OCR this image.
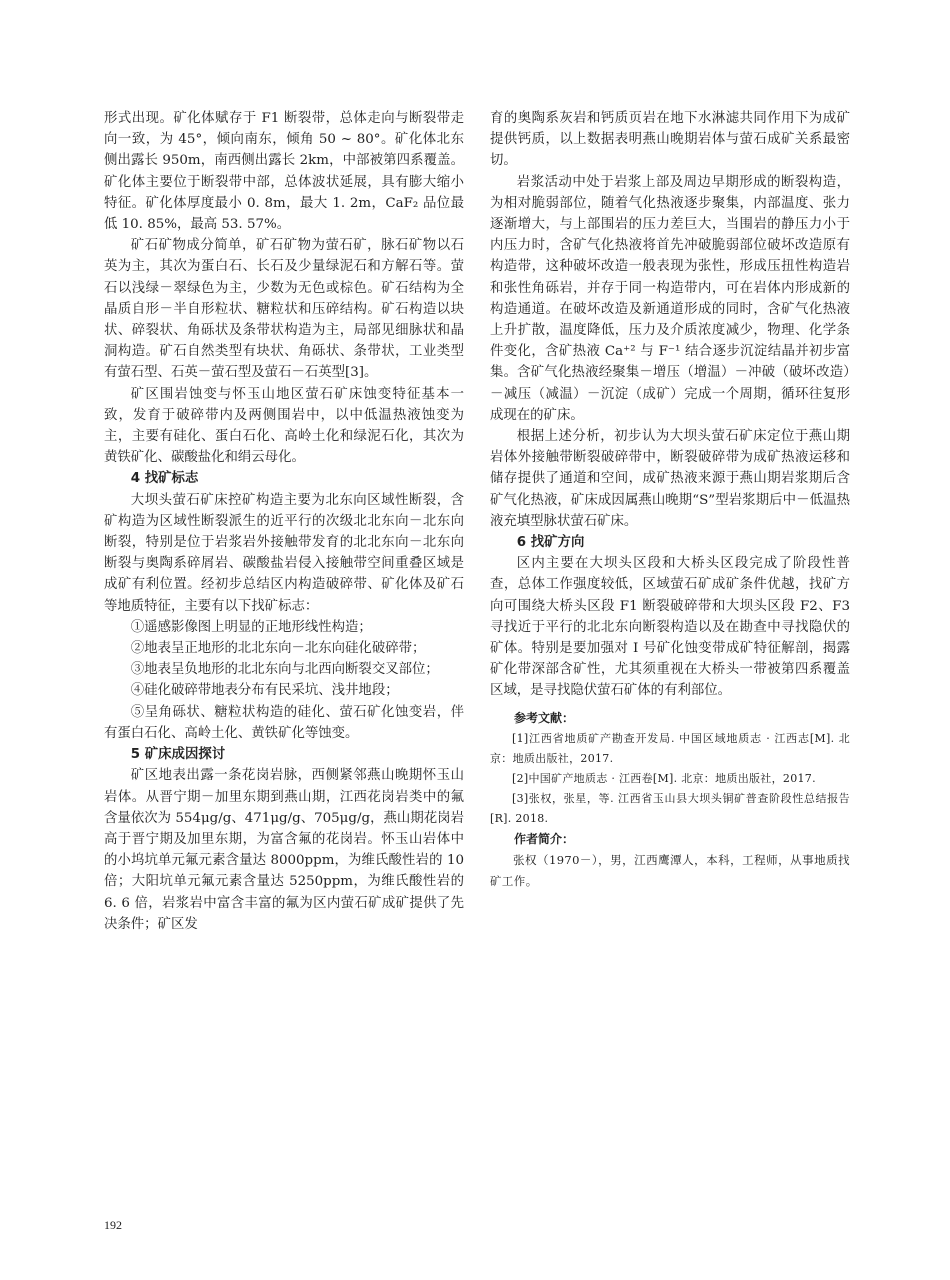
形式出现。矿化体赋存于 F1 断裂带，总体走向与断裂带走向一致，为 45°，倾向南东，倾角 50 ~ 80°。矿化体北东侧出露长 950m，南西侧出露长 2km，中部被第四系覆盖。矿化体主要位于断裂带中部，总体波状延展，具有膨大缩小特征。矿化体厚度最小 0. 8m，最大 1. 2m，CaF₂ 品位最低 10. 85%，最高 53. 57%。

矿石矿物成分简单，矿石矿物为萤石矿，脉石矿物以石英为主，其次为蛋白石、长石及少量绿泥石和方解石等。萤石以浅绿－翠绿色为主，少数为无色或棕色。矿石结构为全晶质自形－半自形粒状、糖粒状和压碎结构。矿石构造以块状、碎裂状、角砾状及条带状构造为主，局部见细脉状和晶洞构造。矿石自然类型有块状、角砾状、条带状，工业类型有萤石型、石英－萤石型及萤石－石英型[3]。

矿区围岩蚀变与怀玉山地区萤石矿床蚀变特征基本一致，发育于破碎带内及两侧围岩中，以中低温热液蚀变为主，主要有硅化、蛋白石化、高岭土化和绿泥石化，其次为黄铁矿化、碳酸盐化和绢云母化。

4 找矿标志

大坝头萤石矿床控矿构造主要为北东向区域性断裂，含矿构造为区域性断裂派生的近平行的次级北北东向－北东向断裂，特别是位于岩浆岩外接触带发育的北北东向－北东向断裂与奥陶系碎屑岩、碳酸盐岩侵入接触带空间重叠区域是成矿有利位置。经初步总结区内构造破碎带、矿化体及矿石等地质特征，主要有以下找矿标志：

①遥感影像图上明显的正地形线性构造；

②地表呈正地形的北北东向－北东向硅化破碎带；

③地表呈负地形的北北东向与北西向断裂交叉部位；

④硅化破碎带地表分布有民采坑、浅井地段；

⑤呈角砾状、糖粒状构造的硅化、萤石矿化蚀变岩，伴有蛋白石化、高岭土化、黄铁矿化等蚀变。

5 矿床成因探讨

矿区地表出露一条花岗岩脉，西侧紧邻燕山晚期怀玉山岩体。从晋宁期－加里东期到燕山期，江西花岗岩类中的氟含量依次为 554μg/g、471μg/g、705μg/g，燕山期花岗岩高于晋宁期及加里东期，为富含氟的花岗岩。怀玉山岩体中的小坞坑单元氟元素含量达 8000ppm，为维氏酸性岩的 10 倍；大阳坑单元氟元素含量达 5250ppm，为维氏酸性岩的 6. 6 倍，岩浆岩中富含丰富的氟为区内萤石矿成矿提供了先决条件；矿区发

育的奥陶系灰岩和钙质页岩在地下水淋滤共同作用下为成矿提供钙质，以上数据表明燕山晚期岩体与萤石成矿关系最密切。

岩浆活动中处于岩浆上部及周边早期形成的断裂构造，为相对脆弱部位，随着气化热液逐步聚集，内部温度、张力逐渐增大，与上部围岩的压力差巨大，当围岩的静压力小于内压力时，含矿气化热液将首先冲破脆弱部位破坏改造原有构造带，这种破坏改造一般表现为张性，形成压扭性构造岩和张性角砾岩，并存于同一构造带内，可在岩体内形成新的构造通道。在破坏改造及新通道形成的同时，含矿气化热液上升扩散，温度降低，压力及介质浓度减少，物理、化学条件变化，含矿热液 Ca⁺² 与 F⁻¹ 结合逐步沉淀结晶并初步富集。含矿气化热液经聚集－增压（增温）－冲破（破坏改造）－减压（减温）－沉淀（成矿）完成一个周期，循环往复形成现在的矿床。

根据上述分析，初步认为大坝头萤石矿床定位于燕山期岩体外接触带断裂破碎带中，断裂破碎带为成矿热液运移和储存提供了通道和空间，成矿热液来源于燕山期岩浆期后含矿气化热液，矿床成因属燕山晚期“S”型岩浆期后中－低温热液充填型脉状萤石矿床。

6 找矿方向

区内主要在大坝头区段和大桥头区段完成了阶段性普查，总体工作强度较低，区域萤石矿成矿条件优越，找矿方向可围绕大桥头区段 F1 断裂破碎带和大坝头区段 F2、F3 寻找近于平行的北北东向断裂构造以及在勘查中寻找隐伏的矿体。特别是要加强对 I 号矿化蚀变带成矿特征解剖，揭露矿化带深部含矿性，尤其须重视在大桥头一带被第四系覆盖区域，是寻找隐伏萤石矿体的有利部位。

参考文献：

[1]江西省地质矿产勘查开发局. 中国区域地质志 · 江西志[M]. 北京：地质出版社，2017.

[2]中国矿产地质志 · 江西卷[M]. 北京：地质出版社，2017.

[3]张权，张星，等. 江西省玉山县大坝头铜矿普查阶段性总结报告[R]. 2018.

作者简介：

张权（1970－），男，江西鹰潭人，本科，工程师，从事地质找矿工作。

192
